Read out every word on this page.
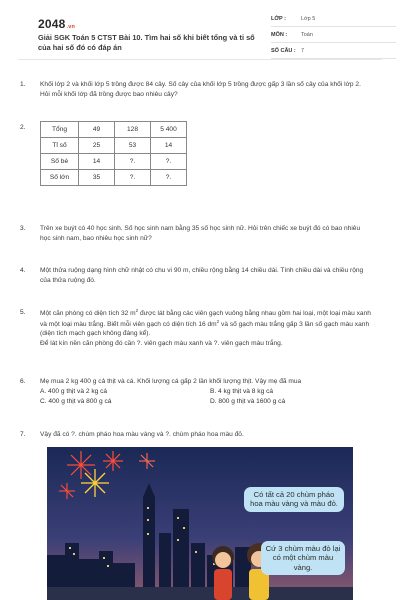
2048.vn
Giải SGK Toán 5 CTST Bài 10. Tìm hai số khi biết tổng và tỉ số của hai số đó có đáp án
LỚP :	Lớp 5
MÔN :	Toán
SỐ CÂU : 7
1. Khối lớp 2 và khối lớp 5 trồng được 84 cây. Số cây của khối lớp 5 trồng được gấp 3 lần số cây của khối lớp 2. Hỏi mỗi khối lớp đã trồng được bao nhiêu cây?
2.	Tổng	49	128	5 400
Tỉ số	25	53	14
Số bé	14	?.	?.
Số lớn	35	?.	?.
3. Trên xe buýt có 40 học sinh. Số học sinh nam bằng 35 số học sinh nữ. Hỏi trên chiếc xe buýt đó có bao nhiêu học sinh nam, bao nhiêu học sinh nữ?
4. Một thửa ruộng dạng hình chữ nhật có chu vi 90 m, chiều rộng bằng 14 chiều dài. Tính chiều dài và chiều rộng của thửa ruộng đó.
5. Một căn phòng có diện tích 32 $m^2$ được lát bằng các viên gạch vuông bằng nhau gồm hai loại, một loại màu xanh và một loại màu trắng. Biết mỗi viên gạch có diện tích 16 $dm^2$ và số gạch màu trắng gấp 3 lần số gạch màu xanh (diện tích mạch gạch không đáng kể).
Để lát kín nền căn phòng đó cần ?. viên gạch màu xanh và ?. viên gạch màu trắng.
6. Mẹ mua 2 kg 400 g cả thịt và cá. Khối lượng cá gấp 2 lần khối lượng thịt. Vậy mẹ đã mua
A. 400 g thịt và 2 kg cá	B. 4 kg thịt và 8 kg cá
C. 400 g thịt và 800 g cá	D. 800 g thịt và 1600 g cá
7. Vậy đã có ?. chùm pháo hoa màu vàng và ?. chùm pháo hoa màu đỏ.
Có tất cả 20 chùm pháo hoa màu vàng và màu đỏ.
Cứ 3 chùm màu đỏ lại có một chùm màu vàng.
